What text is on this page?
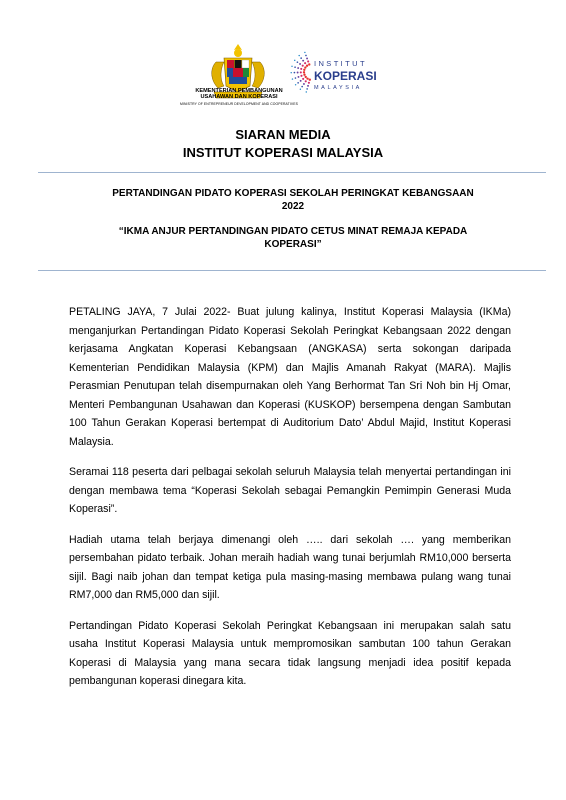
KEMENTERIAN PEMBANGUNAN
USAHAWAN DAN KOPERASI
MINISTRY OF ENTREPRENEUR DEVELOPMENT AND COOPERATIVES
INSTITUT
KOPERASI
MALAYSIA
SIARAN MEDIA
INSTITUT KOPERASI MALAYSIA
PERTANDINGAN PIDATO KOPERASI SEKOLAH PERINGKAT KEBANGSAAN
2022
“IKMA ANJUR PERTANDINGAN PIDATO CETUS MINAT REMAJA KEPADA
KOPERASI”

PETALING JAYA, 7 Julai 2022- Buat julung kalinya, Institut Koperasi Malaysia (IKMa) menganjurkan Pertandingan Pidato Koperasi Sekolah Peringkat Kebangsaan 2022 dengan kerjasama Angkatan Koperasi Kebangsaan (ANGKASA) serta sokongan daripada Kementerian Pendidikan Malaysia (KPM) dan Majlis Amanah Rakyat (MARA). Majlis Perasmian Penutupan telah disempurnakan oleh Yang Berhormat Tan Sri Noh bin Hj Omar, Menteri Pembangunan Usahawan dan Koperasi (KUSKOP) bersempena dengan Sambutan 100 Tahun Gerakan Koperasi bertempat di Auditorium Dato’ Abdul Majid, Institut Koperasi Malaysia.

Seramai 118 peserta dari pelbagai sekolah seluruh Malaysia telah menyertai pertandingan ini dengan membawa tema “Koperasi Sekolah sebagai Pemangkin Pemimpin Generasi Muda Koperasi”.

Hadiah utama telah berjaya dimenangi oleh ….. dari sekolah …. yang memberikan persembahan pidato terbaik. Johan meraih hadiah wang tunai berjumlah RM10,000 berserta sijil. Bagi naib johan dan tempat ketiga pula masing-masing membawa pulang wang tunai RM7,000 dan RM5,000 dan sijil.

Pertandingan Pidato Koperasi Sekolah Peringkat Kebangsaan ini merupakan salah satu usaha Institut Koperasi Malaysia untuk mempromosikan sambutan 100 tahun Gerakan Koperasi di Malaysia yang mana secara tidak langsung menjadi idea positif kepada pembangunan koperasi dinegara kita.
